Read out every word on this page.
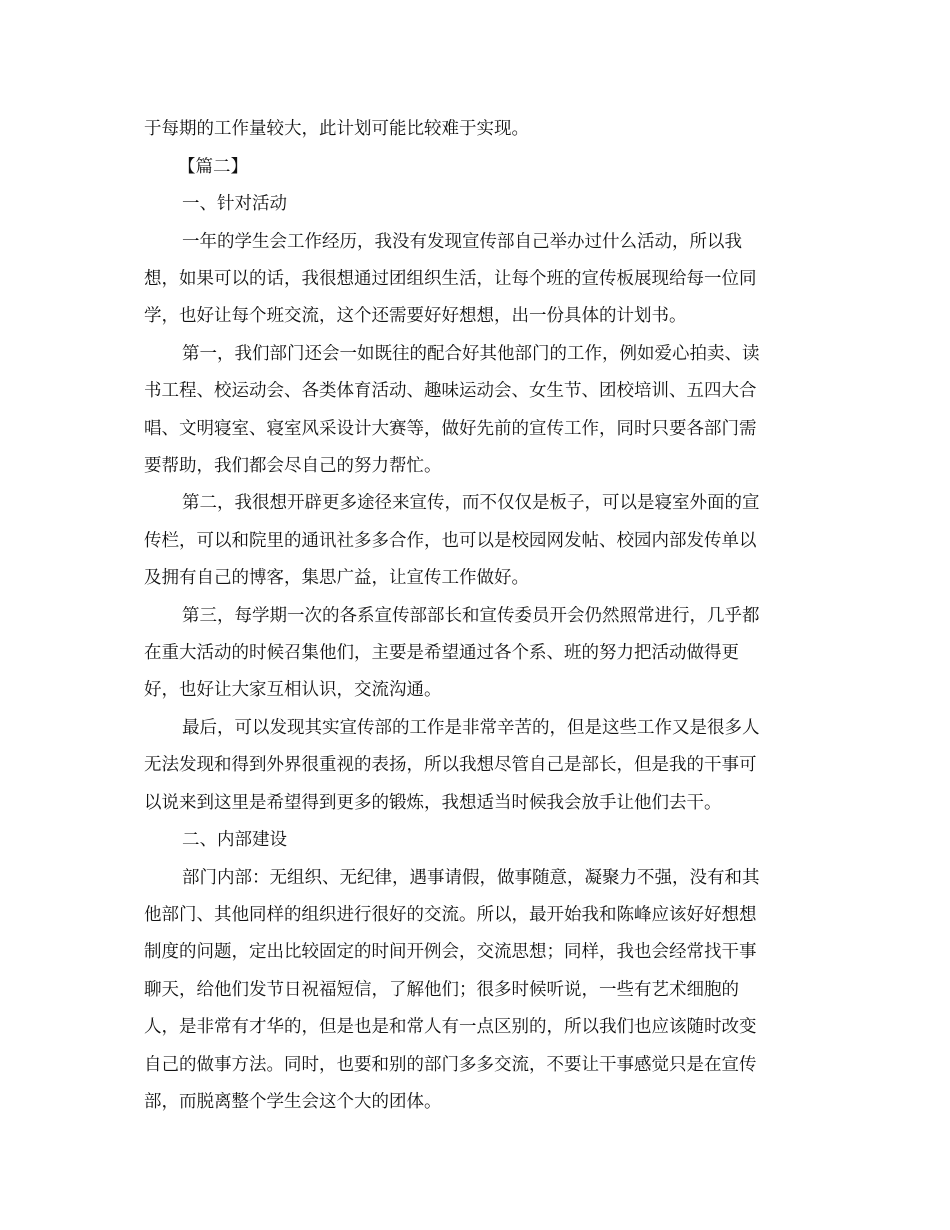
于每期的工作量较大，此计划可能比较难于实现。

【篇二】

一、针对活动

一年的学生会工作经历，我没有发现宣传部自己举办过什么活动，所以我

想，如果可以的话，我很想通过团组织生活，让每个班的宣传板展现给每一位同

学，也好让每个班交流，这个还需要好好想想，出一份具体的计划书。

第一，我们部门还会一如既往的配合好其他部门的工作，例如爱心拍卖、读

书工程、校运动会、各类体育活动、趣味运动会、女生节、团校培训、五四大合

唱、文明寝室、寝室风采设计大赛等，做好先前的宣传工作，同时只要各部门需

要帮助，我们都会尽自己的努力帮忙。

第二，我很想开辟更多途径来宣传，而不仅仅是板子，可以是寝室外面的宣

传栏，可以和院里的通讯社多多合作，也可以是校园网发帖、校园内部发传单以

及拥有自己的博客，集思广益，让宣传工作做好。

第三，每学期一次的各系宣传部部长和宣传委员开会仍然照常进行，几乎都

在重大活动的时候召集他们，主要是希望通过各个系、班的努力把活动做得更

好，也好让大家互相认识，交流沟通。

最后，可以发现其实宣传部的工作是非常辛苦的，但是这些工作又是很多人

无法发现和得到外界很重视的表扬，所以我想尽管自己是部长，但是我的干事可

以说来到这里是希望得到更多的锻炼，我想适当时候我会放手让他们去干。

二、内部建设

部门内部：无组织、无纪律，遇事请假，做事随意，凝聚力不强，没有和其

他部门、其他同样的组织进行很好的交流。所以，最开始我和陈峰应该好好想想

制度的问题，定出比较固定的时间开例会，交流思想；同样，我也会经常找干事

聊天，给他们发节日祝福短信，了解他们；很多时候听说，一些有艺术细胞的

人，是非常有才华的，但是也是和常人有一点区别的，所以我们也应该随时改变

自己的做事方法。同时，也要和别的部门多多交流，不要让干事感觉只是在宣传

部，而脱离整个学生会这个大的团体。
